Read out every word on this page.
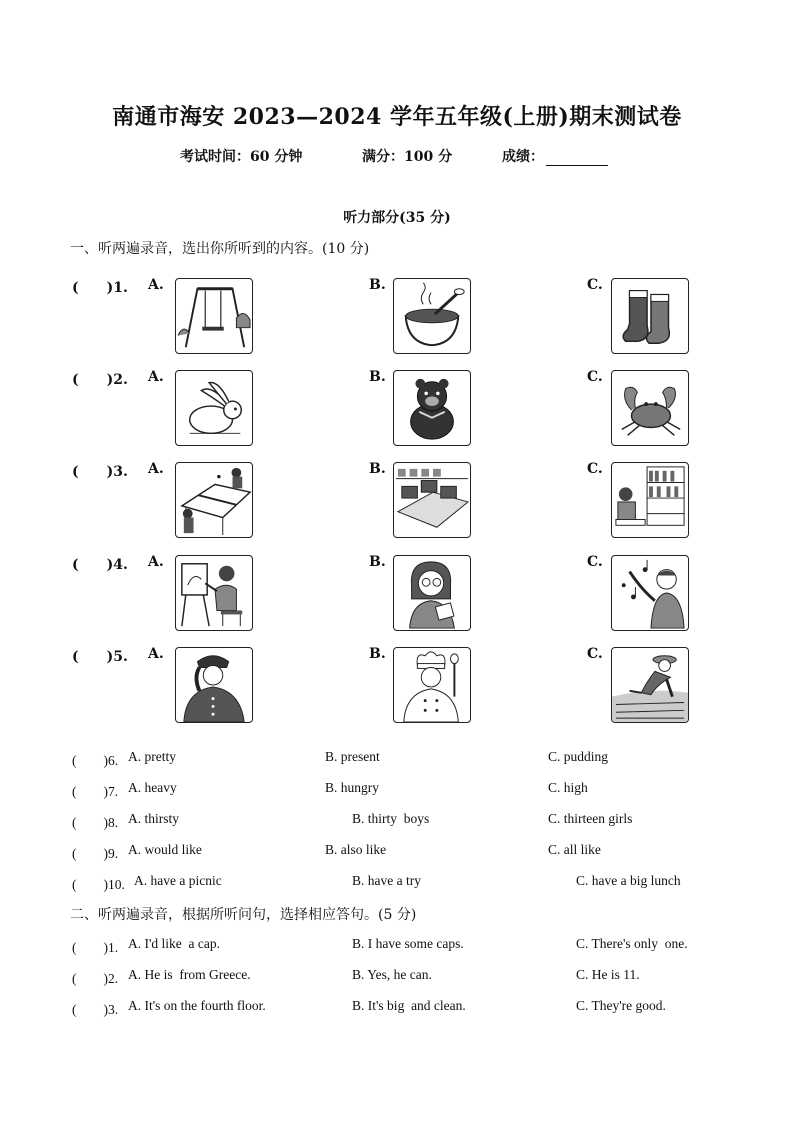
南通市海安 2023—2024 学年五年级(上册)期末测试卷
考试时间：60 分钟	满分：100 分	成绩：
听力部分(35 分)
一、听两遍录音，选出你所听到的内容。(10 分)
(　　)1. A.	B.	C.
(　　)2. A.	B.	C.
(　　)3. A.	B.	C.
(　　)4. A.	B.	C.
(　　)5. A.	B.	C.
(　　)6. A. pretty	B. present	C. pudding
(　　)7. A. heavy	B. hungry	C. high
(　　)8. A. thirsty	B. thirty  boys	C. thirteen girls
(　　)9. A. would like	B. also like	C. all like
(　　)10. A. have a picnic	B. have a try	C. have a big lunch
二、听两遍录音，根据所听问句，选择相应答句。(5 分)
(　　)1. A. I'd like  a cap.	B. I have some caps.	C. There's only  one.
(　　)2. A. He is  from Greece.	B. Yes, he can.	C. He is 11.
(　　)3. A. It's on the fourth floor.	B. It's big  and clean.	C. They're good.
